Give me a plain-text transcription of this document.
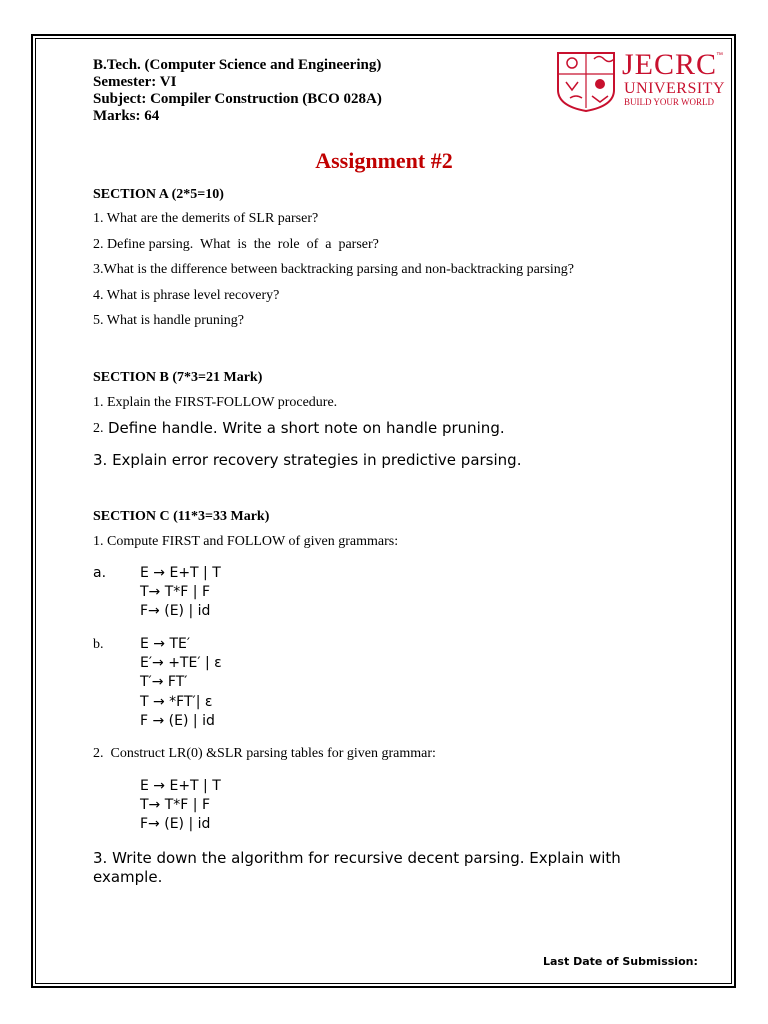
B.Tech. (Computer Science and Engineering)
Semester: VI
Subject: Compiler Construction (BCO 028A)
Marks: 64
JECRC
™
UNIVERSITY
BUILD YOUR WORLD
Assignment #2
SECTION A (2*5=10)
1. What are the demerits of SLR parser?
2. Define parsing.  What  is  the  role  of  a  parser?
3.What is the difference between backtracking parsing and non-backtracking parsing?
4. What is phrase level recovery?
5. What is handle pruning?
SECTION B (7*3=21 Mark)
1. Explain the FIRST-FOLLOW procedure.
2. Define handle. Write a short note on handle pruning.
3. Explain error recovery strategies in predictive parsing.
SECTION C (11*3=33 Mark)
1. Compute FIRST and FOLLOW of given grammars:
a. E → E+T | T
T→ T*F | F
F→ (E) | id
b.	E → TE′
E′→ +TE′ | ε
T′→ FT′
T → *FT′| ε
F → (E) | id
2.  Construct LR(0) &SLR parsing tables for given grammar:
E → E+T | T
T→ T*F | F
F→ (E) | id
3. Write down the algorithm for recursive decent parsing. Explain with
example.
Last Date of Submission:
